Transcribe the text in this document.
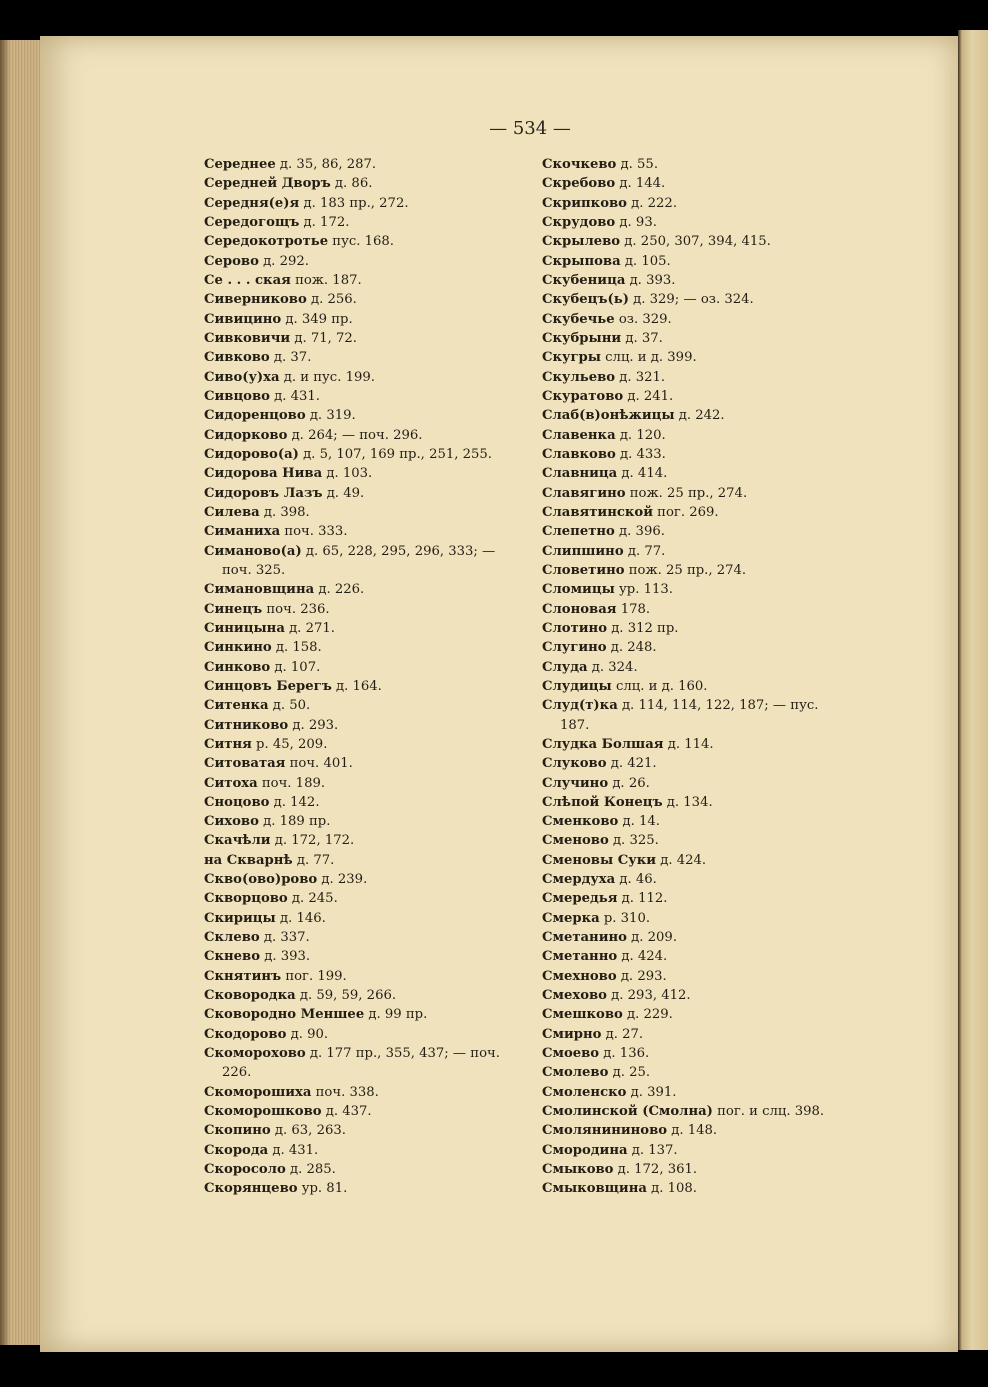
— 534 —
Середнее д. 35, 86, 287.
Середней Дворъ д. 86.
Середня(е)я д. 183 пр., 272.
Середогощъ д. 172.
Середокотротье пус. 168.
Серово д. 292.
Се . . . ская пож. 187.
Сиверниково д. 256.
Сивицино д. 349 пр.
Сивковичи д. 71, 72.
Сивково д. 37.
Сиво(у)ха д. и пус. 199.
Сивцово д. 431.
Сидоренцово д. 319.
Сидорково д. 264; — поч. 296.
Сидорово(а) д. 5, 107, 169 пр., 251, 255.
Сидорова Нива д. 103.
Сидоровъ Лазъ д. 49.
Силева д. 398.
Симаниха поч. 333.
Симаново(а) д. 65, 228, 295, 296, 333; —
поч. 325.
Симановщина д. 226.
Синецъ поч. 236.
Синицына д. 271.
Синкино д. 158.
Синково д. 107.
Синцовъ Берегъ д. 164.
Ситенка д. 50.
Ситниково д. 293.
Ситня р. 45, 209.
Ситоватая поч. 401.
Ситоха поч. 189.
Сноцово д. 142.
Сихово д. 189 пр.
Скачѣли д. 172, 172.
на Скварнѣ д. 77.
Скво(ово)рово д. 239.
Скворцово д. 245.
Скирицы д. 146.
Склево д. 337.
Скнево д. 393.
Скнятинъ пог. 199.
Сковородка д. 59, 59, 266.
Сковородно Меншее д. 99 пр.
Скодорово д. 90.
Скоморохово д. 177 пр., 355, 437; — поч.
226.
Скоморошиха поч. 338.
Скоморошково д. 437.
Скопино д. 63, 263.
Скорода д. 431.
Скоросоло д. 285.
Скорянцево ур. 81.
Скочкево д. 55.
Скребово д. 144.
Скрипково д. 222.
Скрудово д. 93.
Скрылево д. 250, 307, 394, 415.
Скрыпова д. 105.
Скубеница д. 393.
Скубецъ(ь) д. 329; — оз. 324.
Скубечье оз. 329.
Скубрыни д. 37.
Скугры слц. и д. 399.
Скульево д. 321.
Скуратово д. 241.
Слаб(в)онѣжицы д. 242.
Славенка д. 120.
Славково д. 433.
Славница д. 414.
Славягино пож. 25 пр., 274.
Славятинской пог. 269.
Слепетно д. 396.
Слипшино д. 77.
Словетино пож. 25 пр., 274.
Сломицы ур. 113.
Слоновая 178.
Слотино д. 312 пр.
Слугино д. 248.
Слуда д. 324.
Слудицы слц. и д. 160.
Слуд(т)ка д. 114, 114, 122, 187; — пус.
187.
Слудка Болшая д. 114.
Слуково д. 421.
Случино д. 26.
Слѣпой Конецъ д. 134.
Сменково д. 14.
Сменово д. 325.
Сменовы Суки д. 424.
Смердуха д. 46.
Смередья д. 112.
Смерка р. 310.
Сметанино д. 209.
Сметанно д. 424.
Смехново д. 293.
Смехово д. 293, 412.
Смешково д. 229.
Смирно д. 27.
Смоево д. 136.
Смолево д. 25.
Смоленско д. 391.
Смолинской (Смолна) пог. и слц. 398.
Смолянининово д. 148.
Смородина д. 137.
Смыково д. 172, 361.
Смыковщина д. 108.
